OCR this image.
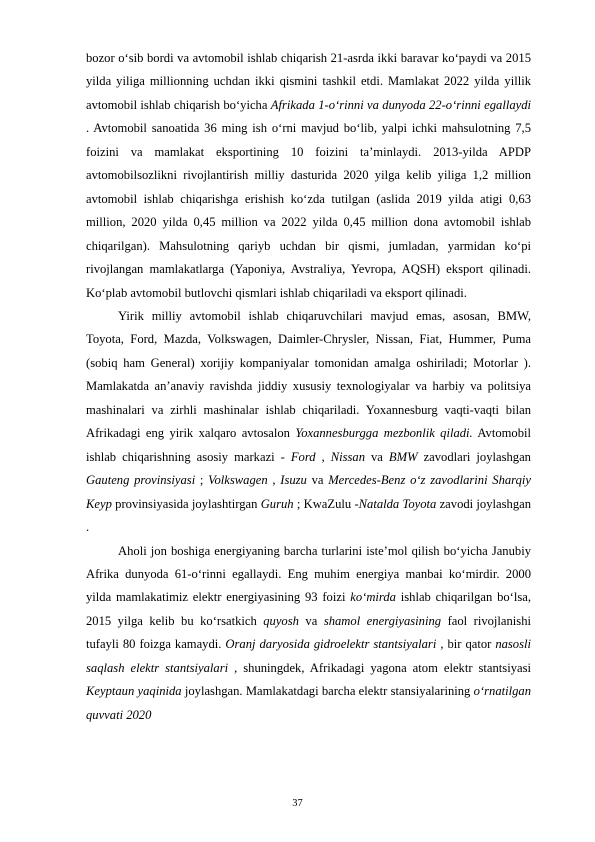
bozor o‘sib bordi va avtomobil ishlab chiqarish 21-asrda ikki baravar ko‘paydi va 2015 yilda yiliga millionning uchdan ikki qismini tashkil etdi. Mamlakat 2022 yilda yillik avtomobil ishlab chiqarish bo‘yicha Afrikada 1-o‘rinni va dunyoda 22-o‘rinni egallaydi . Avtomobil sanoatida 36 ming ish o‘rni mavjud bo‘lib, yalpi ichki mahsulotning 7,5 foizini va mamlakat eksportining 10 foizini ta’minlaydi. 2013-yilda APDP avtomobilsozlikni rivojlantirish milliy dasturida 2020 yilga kelib yiliga 1,2 million avtomobil ishlab chiqarishga erishish ko‘zda tutilgan (aslida 2019 yilda atigi 0,63 million, 2020 yilda 0,45 million va 2022 yilda 0,45 million dona avtomobil ishlab chiqarilgan). Mahsulotning qariyb uchdan bir qismi, jumladan, yarmidan ko‘pi rivojlangan mamlakatlarga (Yaponiya, Avstraliya, Yevropa, AQSH) eksport qilinadi. Ko‘plab avtomobil butlovchi qismlari ishlab chiqariladi va eksport qilinadi.

Yirik milliy avtomobil ishlab chiqaruvchilari mavjud emas, asosan, BMW, Toyota, Ford, Mazda, Volkswagen, Daimler-Chrysler, Nissan, Fiat, Hummer, Puma (sobiq ham General) xorijiy kompaniyalar tomonidan amalga oshiriladi; Motorlar ). Mamlakatda an’anaviy ravishda jiddiy xususiy texnologiyalar va harbiy va politsiya mashinalari va zirhli mashinalar ishlab chiqariladi. Yoxannesburg vaqti-vaqti bilan Afrikadagi eng yirik xalqaro avtosalon Yoxannesburgga mezbonlik qiladi. Avtomobil ishlab chiqarishning asosiy markazi - Ford , Nissan va BMW zavodlari joylashgan Gauteng provinsiyasi ; Volkswagen , Isuzu va Mercedes-Benz o‘z zavodlarini Sharqiy Keyp provinsiyasida joylashtirgan Guruh ; KwaZulu -Natalda Toyota zavodi joylashgan .

Aholi jon boshiga energiyaning barcha turlarini iste’mol qilish bo‘yicha Janubiy Afrika dunyoda 61-o‘rinni egallaydi. Eng muhim energiya manbai ko‘mirdir. 2000 yilda mamlakatimiz elektr energiyasining 93 foizi ko‘mirda ishlab chiqarilgan bo‘lsa, 2015 yilga kelib bu ko‘rsatkich quyosh va shamol energiyasining faol rivojlanishi tufayli 80 foizga kamaydi. Oranj daryosida gidroelektr stantsiyalari , bir qator nasosli saqlash elektr stantsiyalari , shuningdek, Afrikadagi yagona atom elektr stantsiyasi Keyptaun yaqinida joylashgan. Mamlakatdagi barcha elektr stansiyalarining o‘rnatilgan quvvati 2020

37
